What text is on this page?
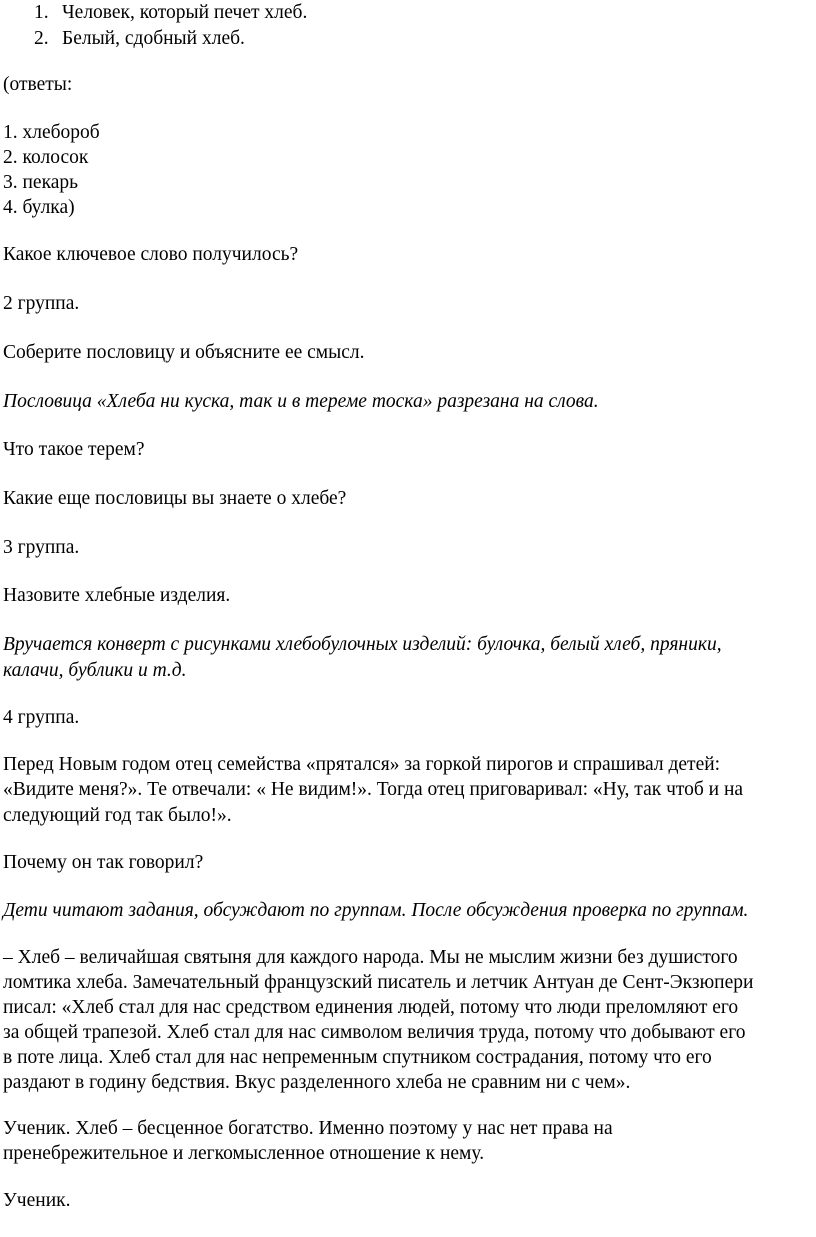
1. Человек, который печет хлеб.
2. Белый, сдобный хлеб.
(ответы:
1. хлебороб
2. колосок
3. пекарь
4. булка)
Какое ключевое слово получилось?
2 группа.
Соберите пословицу и объясните ее смысл.
Пословица «Хлеба ни куска, так и в тереме тоска» разрезана на слова.
Что такое терем?
Какие еще пословицы вы знаете о хлебе?
3 группа.
Назовите хлебные изделия.
Вручается конверт с рисунками хлебобулочных изделий: булочка, белый хлеб, пряники,
калачи, бублики и т.д.
4 группа.
Перед Новым годом отец семейства «прятался» за горкой пирогов и спрашивал детей:
«Видите меня?». Те отвечали: « Не видим!». Тогда отец приговаривал: «Ну, так чтоб и на
следующий год так было!».
Почему он так говорил?
Дети читают задания, обсуждают по группам. После обсуждения проверка по группам.
– Хлеб – величайшая святыня для каждого народа. Мы не мыслим жизни без душистого
ломтика хлеба. Замечательный французский писатель и летчик Антуан де Сент-Экзюпери
писал: «Хлеб стал для нас средством единения людей, потому что люди преломляют его
за общей трапезой. Хлеб стал для нас символом величия труда, потому что добывают его
в поте лица. Хлеб стал для нас непременным спутником сострадания, потому что его
раздают в годину бедствия. Вкус разделенного хлеба не сравним ни с чем».
Ученик. Хлеб – бесценное богатство. Именно поэтому у нас нет права на
пренебрежительное и легкомысленное отношение к нему.
Ученик.
